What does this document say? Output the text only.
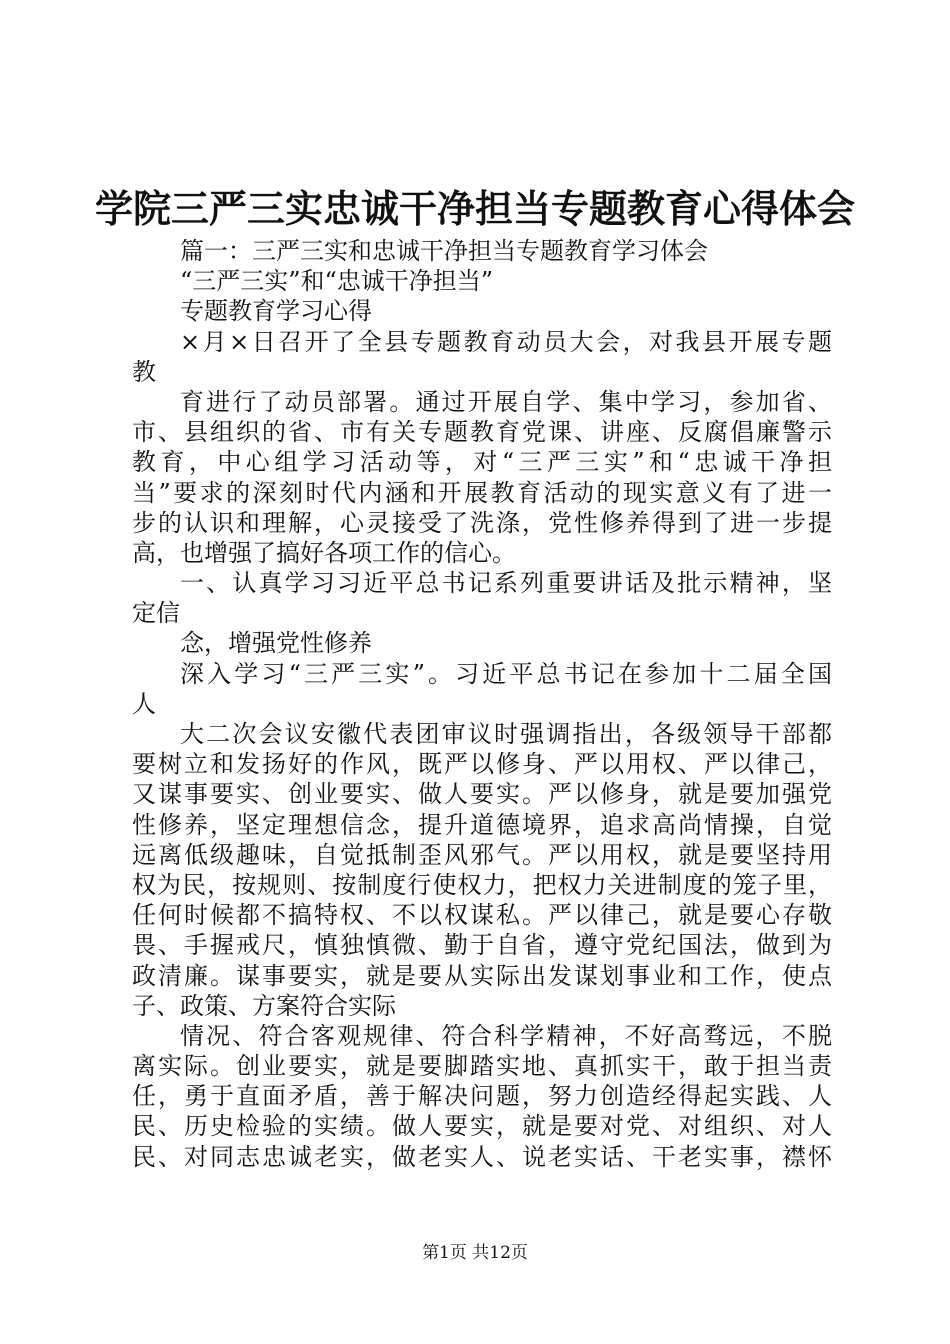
学院三严三实忠诚干净担当专题教育心得体会
篇一：三严三实和忠诚干净担当专题教育学习体会
“三严三实”和“忠诚干净担当”
专题教育学习心得
×月×日召开了全县专题教育动员大会，对我县开展专题
教
育进行了动员部署。通过开展自学、集中学习，参加省、
市、县组织的省、市有关专题教育党课、讲座、反腐倡廉警示
教育，中心组学习活动等，对“三严三实”和“忠诚干净担
当”要求的深刻时代内涵和开展教育活动的现实意义有了进一
步的认识和理解，心灵接受了洗涤，党性修养得到了进一步提
高，也增强了搞好各项工作的信心。
一、认真学习习近平总书记系列重要讲话及批示精神，坚
定信
念，增强党性修养
深入学习“三严三实”。习近平总书记在参加十二届全国
人
大二次会议安徽代表团审议时强调指出，各级领导干部都
要树立和发扬好的作风，既严以修身、严以用权、严以律己，
又谋事要实、创业要实、做人要实。严以修身，就是要加强党
性修养，坚定理想信念，提升道德境界，追求高尚情操，自觉
远离低级趣味，自觉抵制歪风邪气。严以用权，就是要坚持用
权为民，按规则、按制度行使权力，把权力关进制度的笼子里，
任何时候都不搞特权、不以权谋私。严以律己，就是要心存敬
畏、手握戒尺，慎独慎微、勤于自省，遵守党纪国法，做到为
政清廉。谋事要实，就是要从实际出发谋划事业和工作，使点
子、政策、方案符合实际
情况、符合客观规律、符合科学精神，不好高骛远，不脱
离实际。创业要实，就是要脚踏实地、真抓实干，敢于担当责
任，勇于直面矛盾，善于解决问题，努力创造经得起实践、人
民、历史检验的实绩。做人要实，就是要对党、对组织、对人
民、对同志忠诚老实，做老实人、说老实话、干老实事，襟怀
第1页 共12页
